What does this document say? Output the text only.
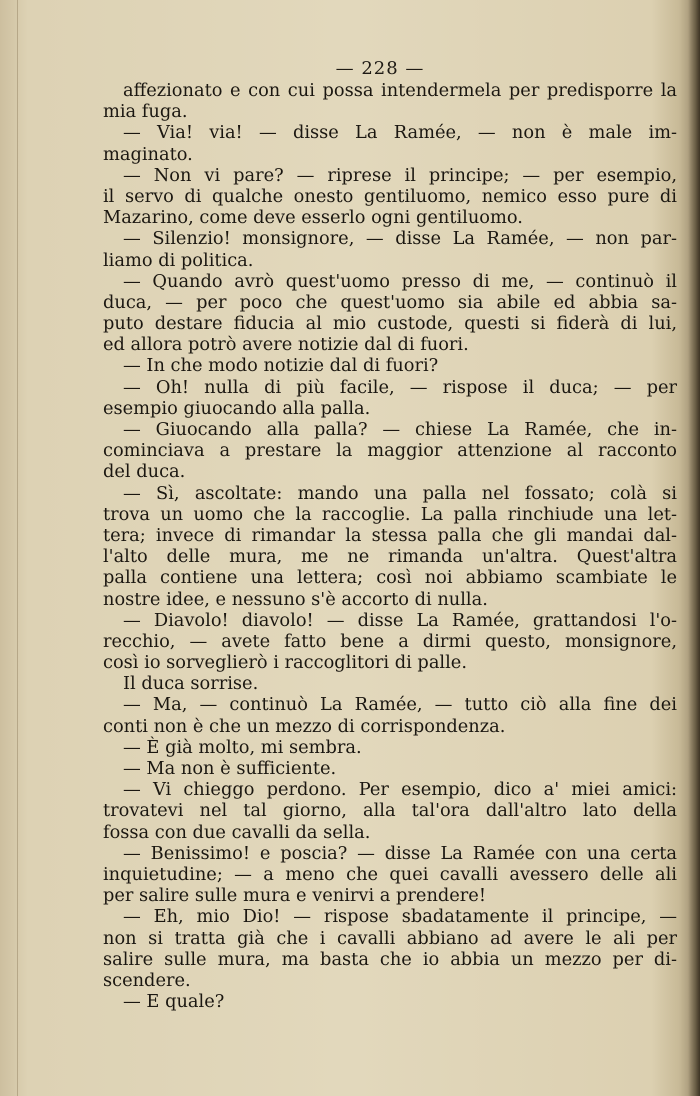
— 228 —
affezionato e con cui possa intendermela per predisporre la
mia fuga.
— Via! via! — disse La Ramée, — non è male im-
maginato.
— Non vi pare? — riprese il principe; — per esempio,
il servo di qualche onesto gentiluomo, nemico esso pure di
Mazarino, come deve esserlo ogni gentiluomo.
— Silenzio! monsignore, — disse La Ramée, — non par-
liamo di politica.
— Quando avrò quest'uomo presso di me, — continuò il
duca, — per poco che quest'uomo sia abile ed abbia sa-
puto destare fiducia al mio custode, questi si fiderà di lui,
ed allora potrò avere notizie dal di fuori.
— In che modo notizie dal di fuori?
— Oh! nulla di più facile, — rispose il duca; — per
esempio giuocando alla palla.
— Giuocando alla palla? — chiese La Ramée, che in-
cominciava a prestare la maggior attenzione al racconto
del duca.
— Sì, ascoltate: mando una palla nel fossato; colà si
trova un uomo che la raccoglie. La palla rinchiude una let-
tera; invece di rimandar la stessa palla che gli mandai dal-
l'alto delle mura, me ne rimanda un'altra. Quest'altra
palla contiene una lettera; così noi abbiamo scambiate le
nostre idee, e nessuno s'è accorto di nulla.
— Diavolo! diavolo! — disse La Ramée, grattandosi l'o-
recchio, — avete fatto bene a dirmi questo, monsignore,
così io sorveglierò i raccoglitori di palle.
Il duca sorrise.
— Ma, — continuò La Ramée, — tutto ciò alla fine dei
conti non è che un mezzo di corrispondenza.
— È già molto, mi sembra.
— Ma non è sufficiente.
— Vi chieggo perdono. Per esempio, dico a' miei amici:
trovatevi nel tal giorno, alla tal'ora dall'altro lato della
fossa con due cavalli da sella.
— Benissimo! e poscia? — disse La Ramée con una certa
inquietudine; — a meno che quei cavalli avessero delle ali
per salire sulle mura e venirvi a prendere!
— Eh, mio Dio! — rispose sbadatamente il principe, —
non si tratta già che i cavalli abbiano ad avere le ali per
salire sulle mura, ma basta che io abbia un mezzo per di-
scendere.
— E quale?
